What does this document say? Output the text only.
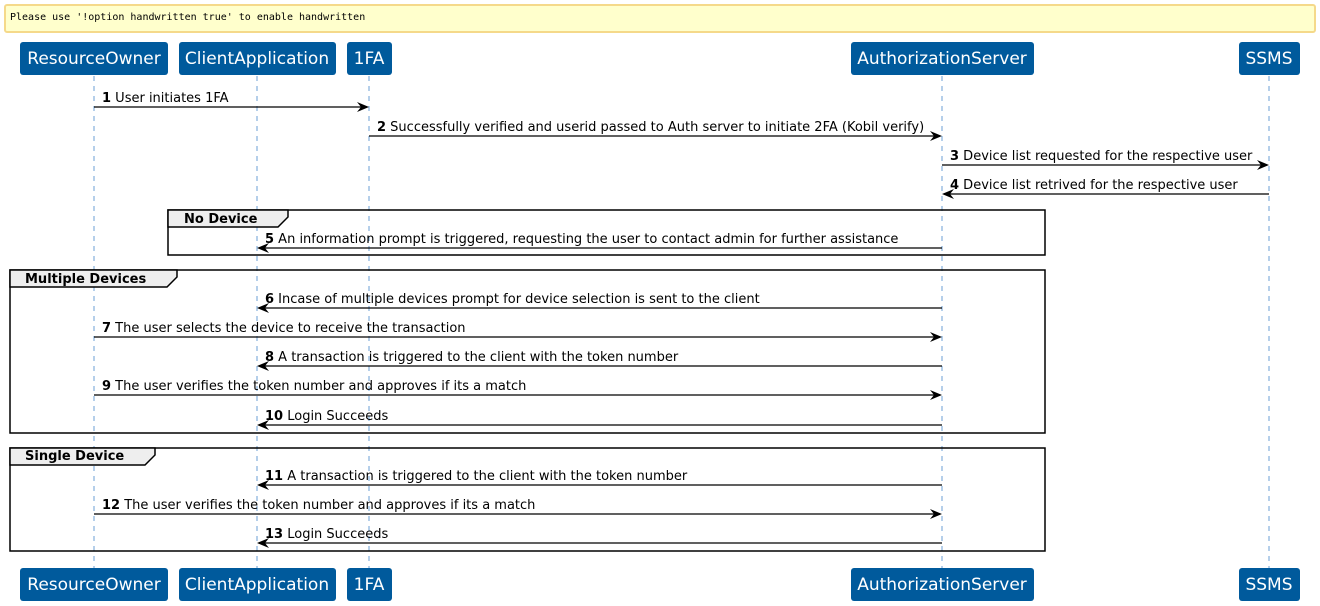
Please use '!option handwritten true' to enable handwritten
No Device
Multiple Devices
Single Device
ResourceOwner ClientApplication 1FA	AuthorizationServer	SSMS
ResourceOwner ClientApplication 1FA	AuthorizationServer	SSMS
1 User initiates 1FA
2 Successfully verified and userid passed to Auth server to initiate 2FA (Kobil verify)
3 Device list requested for the respective user
4 Device list retrived for the respective user
5 An information prompt is triggered, requesting the user to contact admin for further assistance
6 Incase of multiple devices prompt for device selection is sent to the client
7 The user selects the device to receive the transaction
8 A transaction is triggered to the client with the token number
9 The user verifies the token number and approves if its a match
10 Login Succeeds
11 A transaction is triggered to the client with the token number
12 The user verifies the token number and approves if its a match
13 Login Succeeds
